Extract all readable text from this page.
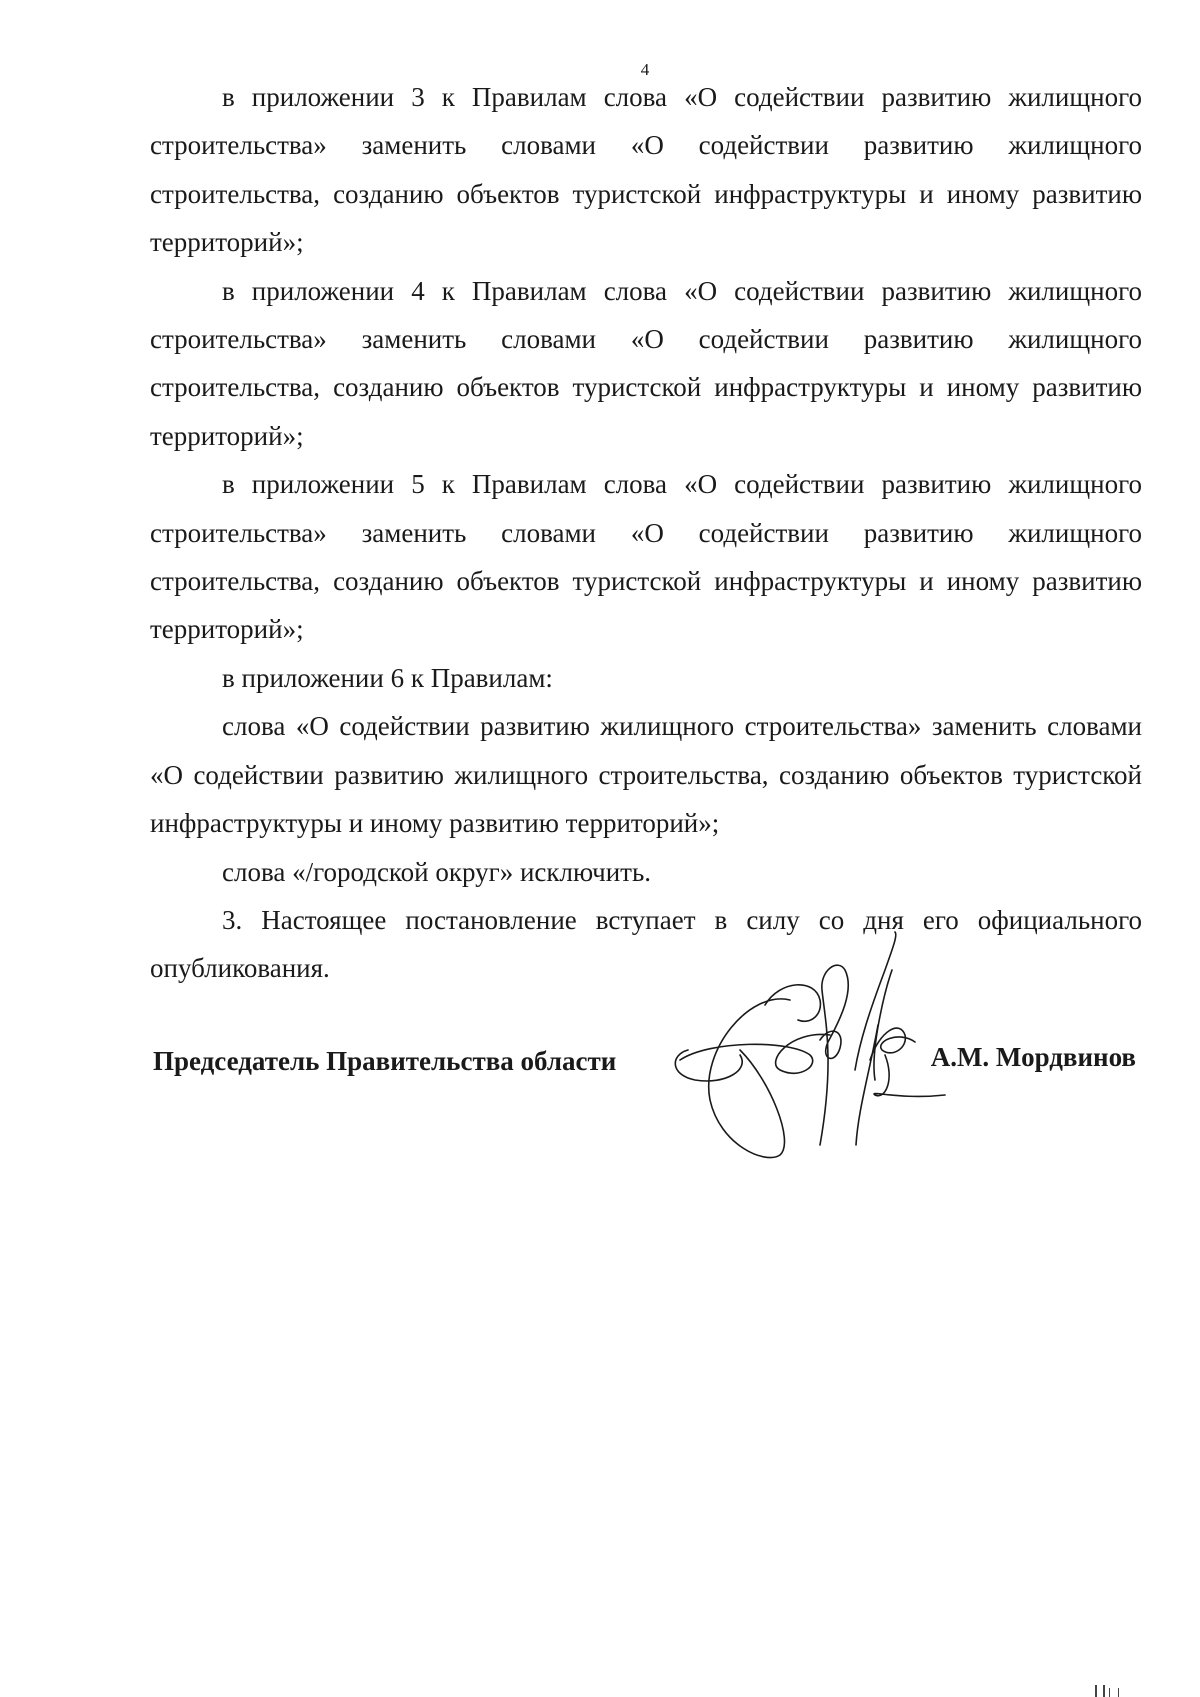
4

в приложении 3 к Правилам слова «О содействии развитию жилищного строительства» заменить словами «О содействии развитию жилищного строительства, созданию объектов туристской инфраструктуры и иному развитию территорий»;

в приложении 4 к Правилам слова «О содействии развитию жилищного строительства» заменить словами «О содействии развитию жилищного строительства, созданию объектов туристской инфраструктуры и иному развитию территорий»;

в приложении 5 к Правилам слова «О содействии развитию жилищного строительства» заменить словами «О содействии развитию жилищного строительства, созданию объектов туристской инфраструктуры и иному развитию территорий»;

в приложении 6 к Правилам:

слова «О содействии развитию жилищного строительства» заменить словами «О содействии развитию жилищного строительства, созданию объектов туристской инфраструктуры и иному развитию территорий»;

слова «/городской округ» исключить.

3. Настоящее постановление вступает в силу со дня его официального опубликования.

Председатель Правительства области	А.М. Мордвинов
